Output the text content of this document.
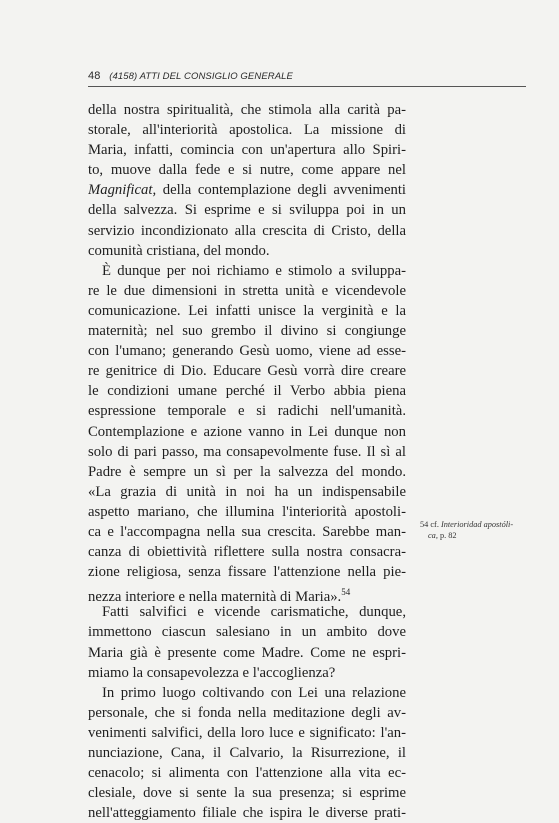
48 (4158) ATTI DEL CONSIGLIO GENERALE
della nostra spiritualità, che stimola alla carità pa-
storale, all'interiorità apostolica. La missione di
Maria, infatti, comincia con un'apertura allo Spiri-
to, muove dalla fede e si nutre, come appare nel
Magnificat, della contemplazione degli avvenimenti
della salvezza. Si esprime e si sviluppa poi in un
servizio incondizionato alla crescita di Cristo, della
comunità cristiana, del mondo.
È dunque per noi richiamo e stimolo a sviluppa-
re le due dimensioni in stretta unità e vicendevole
comunicazione. Lei infatti unisce la verginità e la
maternità; nel suo grembo il divino si congiunge
con l'umano; generando Gesù uomo, viene ad esse-
re genitrice di Dio. Educare Gesù vorrà dire creare
le condizioni umane perché il Verbo abbia piena
espressione temporale e si radichi nell'umanità.
Contemplazione e azione vanno in Lei dunque non
solo di pari passo, ma consapevolmente fuse. Il sì al
Padre è sempre un sì per la salvezza del mondo.
«La grazia di unità in noi ha un indispensabile
aspetto mariano, che illumina l'interiorità apostoli-
ca e l'accompagna nella sua crescita. Sarebbe man-
canza di obiettività riflettere sulla nostra consacra-
zione religiosa, senza fissare l'attenzione nella pie-
nezza interiore e nella maternità di Maria».$^{54}$
Fatti salvifici e vicende carismatiche, dunque,
immettono ciascun salesiano in un ambito dove
Maria già è presente come Madre. Come ne espri-
miamo la consapevolezza e l'accoglienza?
In primo luogo coltivando con Lei una relazione
personale, che si fonda nella meditazione degli av-
venimenti salvifici, della loro luce e significato: l'an-
nunciazione, Cana, il Calvario, la Risurrezione, il
cenacolo; si alimenta con l'attenzione alla vita ec-
clesiale, dove si sente la sua presenza; si esprime
nell'atteggiamento filiale che ispira le diverse prati-
54 cf. Interioridad apostóli-
ca, p. 82
